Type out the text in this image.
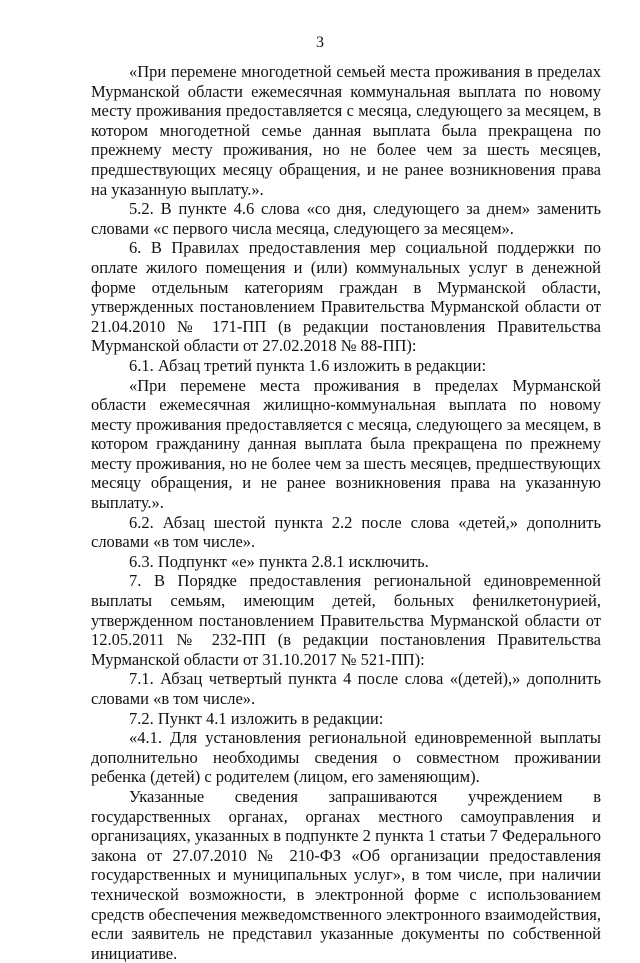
3

«При перемене многодетной семьей места проживания в пределах Мурманской области ежемесячная коммунальная выплата по новому месту проживания предоставляется с месяца, следующего за месяцем, в котором многодетной семье данная выплата была прекращена по прежнему месту проживания, но не более чем за шесть месяцев, предшествующих месяцу обращения, и не ранее возникновения права на указанную выплату.».

5.2. В пункте 4.6 слова «со дня, следующего за днем» заменить словами «с первого числа месяца, следующего за месяцем».

6. В Правилах предоставления мер социальной поддержки по оплате жилого помещения и (или) коммунальных услуг в денежной форме отдельным категориям граждан в Мурманской области, утвержденных постановлением Правительства Мурманской области от 21.04.2010 № 171-ПП (в редакции постановления Правительства Мурманской области от 27.02.2018 № 88-ПП):

6.1. Абзац третий пункта 1.6 изложить в редакции:

«При перемене места проживания в пределах Мурманской области ежемесячная жилищно-коммунальная выплата по новому месту проживания предоставляется с месяца, следующего за месяцем, в котором гражданину данная выплата была прекращена по прежнему месту проживания, но не более чем за шесть месяцев, предшествующих месяцу обращения, и не ранее возникновения права на указанную выплату.».

6.2. Абзац шестой пункта 2.2 после слова «детей,» дополнить словами «в том числе».

6.3. Подпункт «е» пункта 2.8.1 исключить.

7. В Порядке предоставления региональной единовременной выплаты семьям, имеющим детей, больных фенилкетонурией, утвержденном постановлением Правительства Мурманской области от 12.05.2011 № 232-ПП (в редакции постановления Правительства Мурманской области от 31.10.2017 № 521-ПП):

7.1. Абзац четвертый пункта 4 после слова «(детей),» дополнить словами «в том числе».

7.2. Пункт 4.1 изложить в редакции:

«4.1. Для установления региональной единовременной выплаты дополнительно необходимы сведения о совместном проживании ребенка (детей) с родителем (лицом, его заменяющим).

Указанные сведения запрашиваются учреждением в государственных органах, органах местного самоуправления и организациях, указанных в подпункте 2 пункта 1 статьи 7 Федерального закона от 27.07.2010 № 210-ФЗ «Об организации предоставления государственных и муниципальных услуг», в том числе, при наличии технической возможности, в электронной форме с использованием средств обеспечения межведомственного электронного взаимодействия, если заявитель не представил указанные документы по собственной инициативе.
